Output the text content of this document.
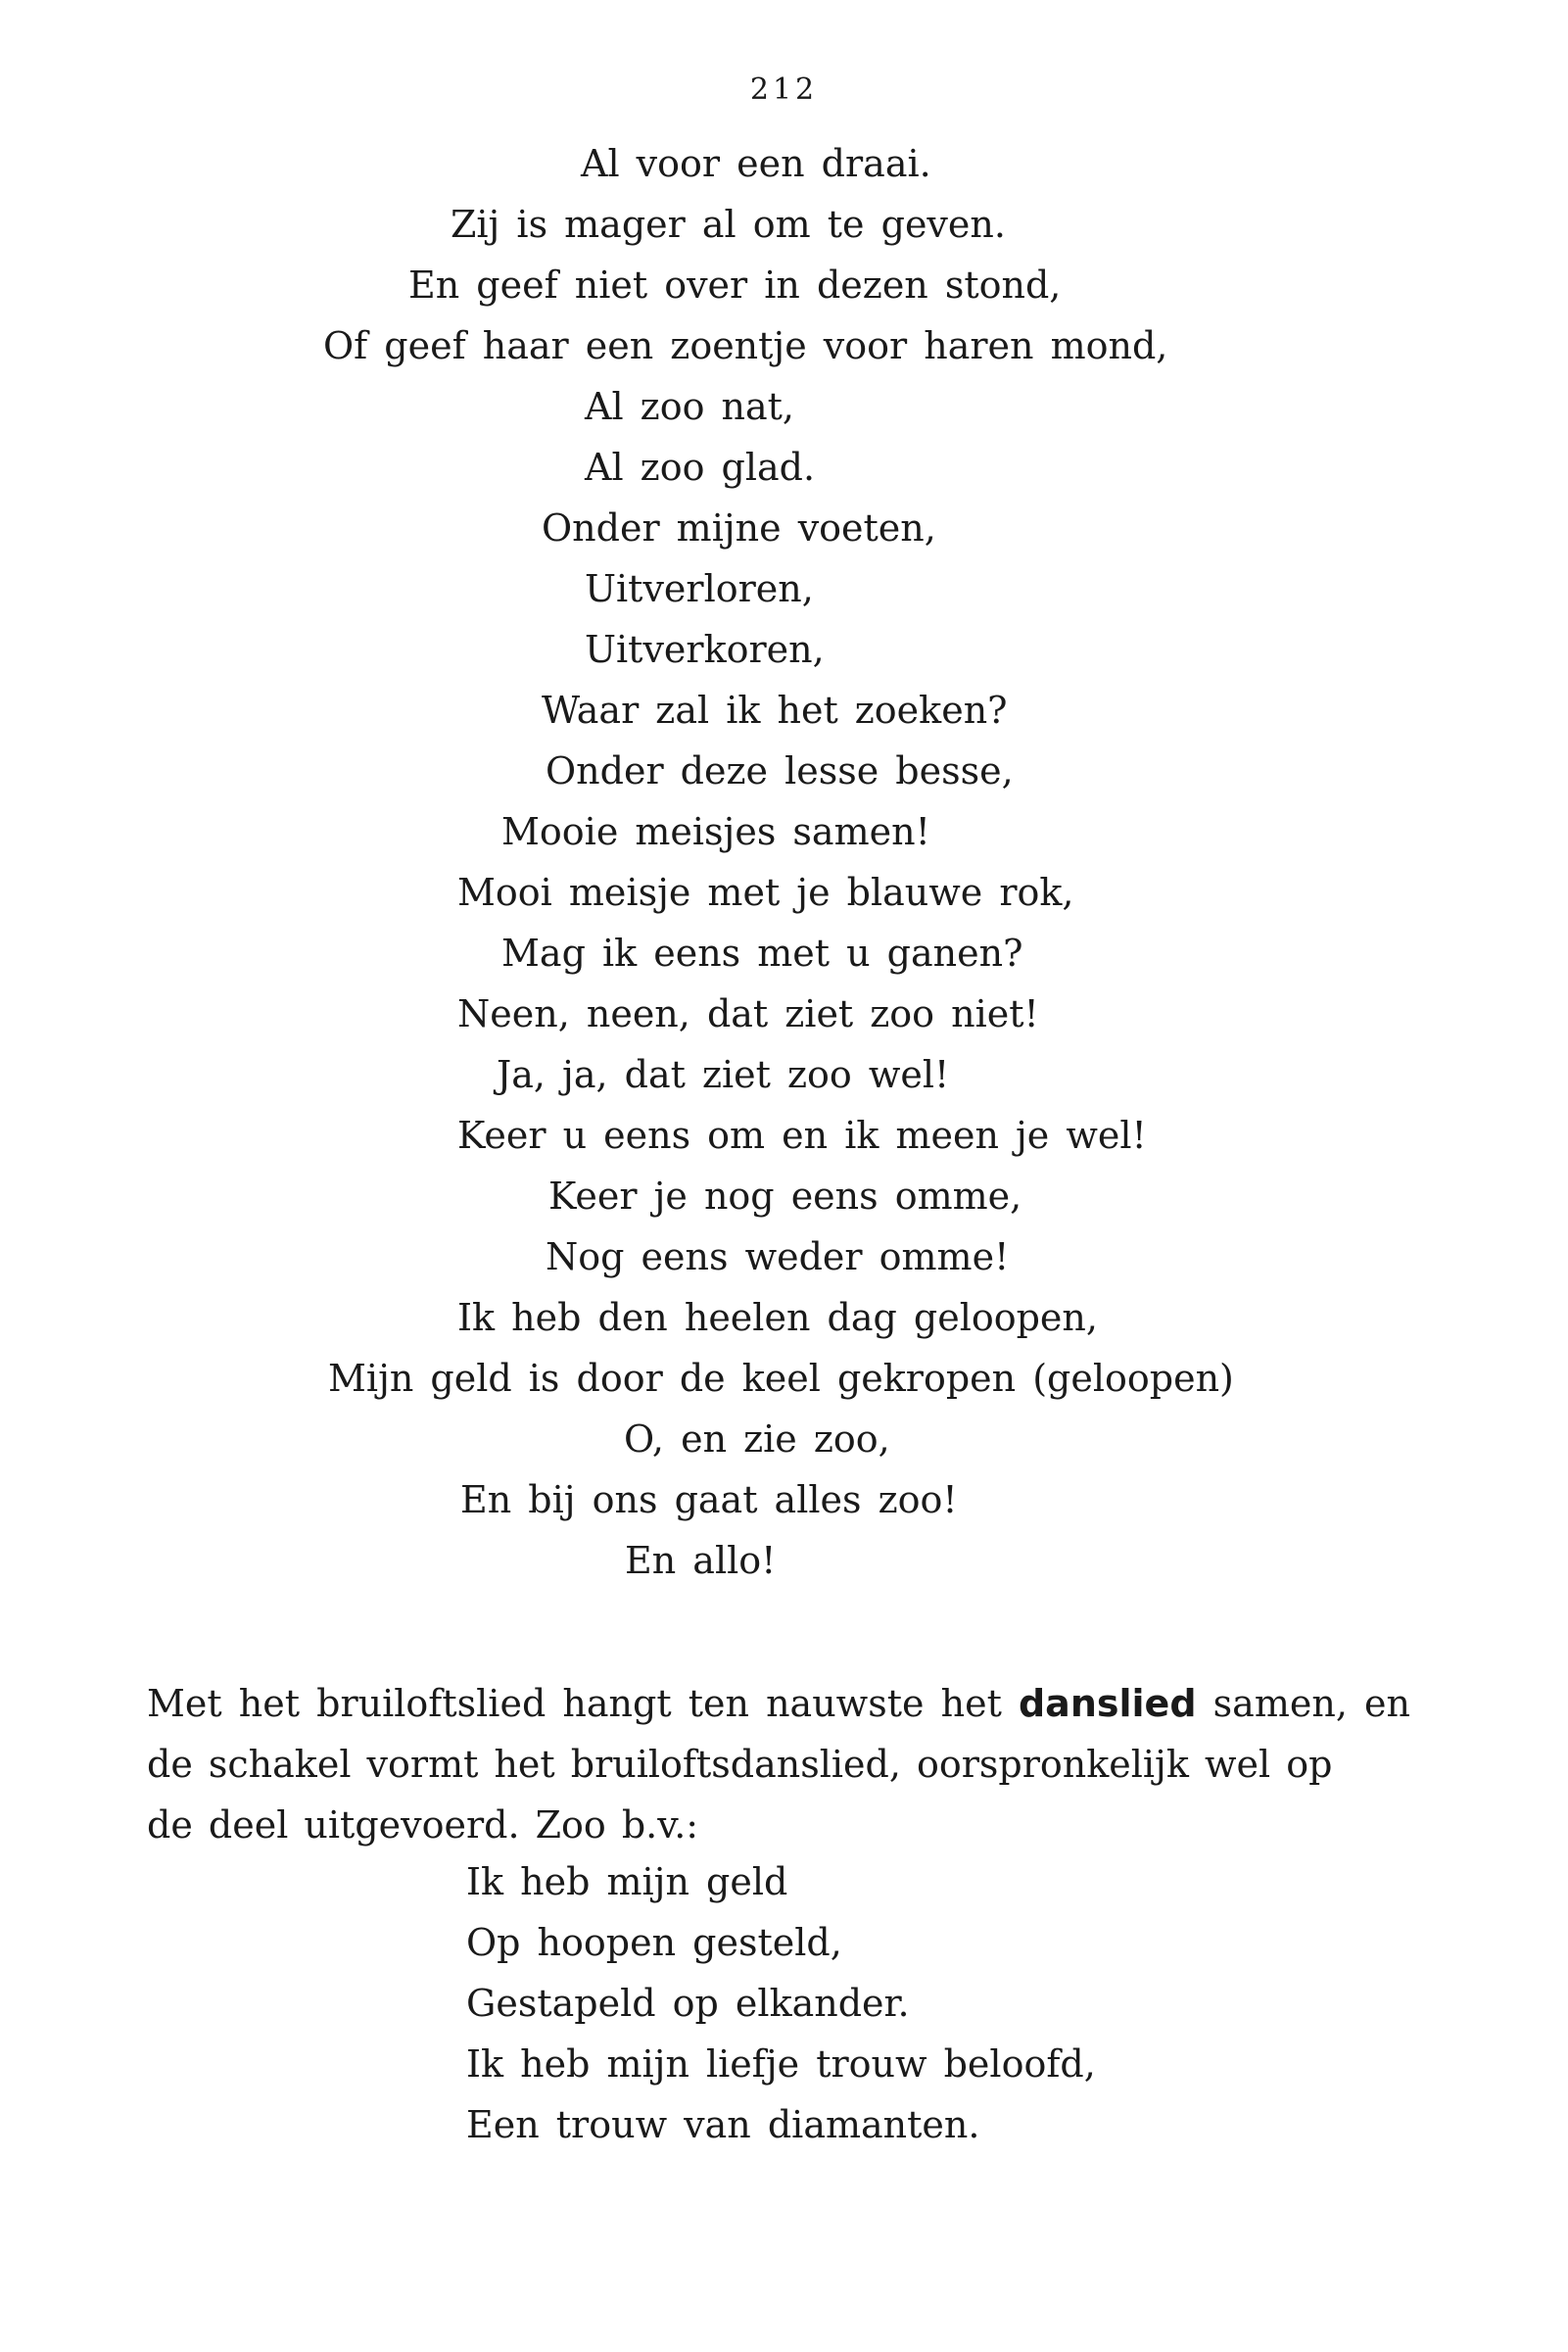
212
Al voor een draai.
Zij is mager al om te geven.
En geef niet over in dezen stond,
Of geef haar een zoentje voor haren mond,
Al zoo nat,
Al zoo glad.
Onder mijne voeten,
Uitverloren,
Uitverkoren,
Waar zal ik het zoeken?
Onder deze lesse besse,
Mooie meisjes samen!
Mooi meisje met je blauwe rok,
Mag ik eens met u ganen?
Neen, neen, dat ziet zoo niet!
Ja, ja, dat ziet zoo wel!
Keer u eens om en ik meen je wel!
Keer je nog eens omme,
Nog eens weder omme!
Ik heb den heelen dag geloopen,
Mijn geld is door de keel gekropen (geloopen)
O, en zie zoo,
En bij ons gaat alles zoo!
En allo!
Met het bruiloftslied hangt ten nauwste het danslied samen, en de schakel vormt het bruiloftsdanslied, oorspronkelijk wel op
de deel uitgevoerd. Zoo b.v.:
Ik heb mijn geld
Op hoopen gesteld,
Gestapeld op elkander.
Ik heb mijn liefje trouw beloofd,
Een trouw van diamanten.
